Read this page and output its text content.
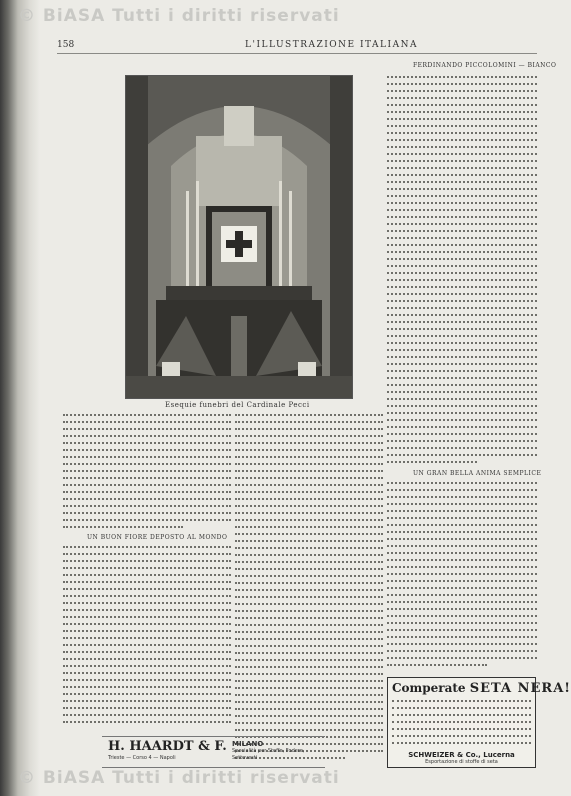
© BiASA Tutti i diritti riservati
158	L'ILLUSTRAZIONE ITALIANA
Esequie funebri del Cardinale Pecci
UN BUON FIORE DEPOSTO AL MONDO
FERDINANDO PICCOLOMINI — BIANCO
UN GRAN BELLA ANIMA SEMPLICE
H. HAARDT & F.
Trieste — Corso 4 — Napoli
MILANO
Specialità per Stoffe, Fodere, Sottovesti
Comperate SETA NERA!
SCHWEIZER & Co., Lucerna
Esportazione di stoffe di seta
© BiASA Tutti i diritti riservati
